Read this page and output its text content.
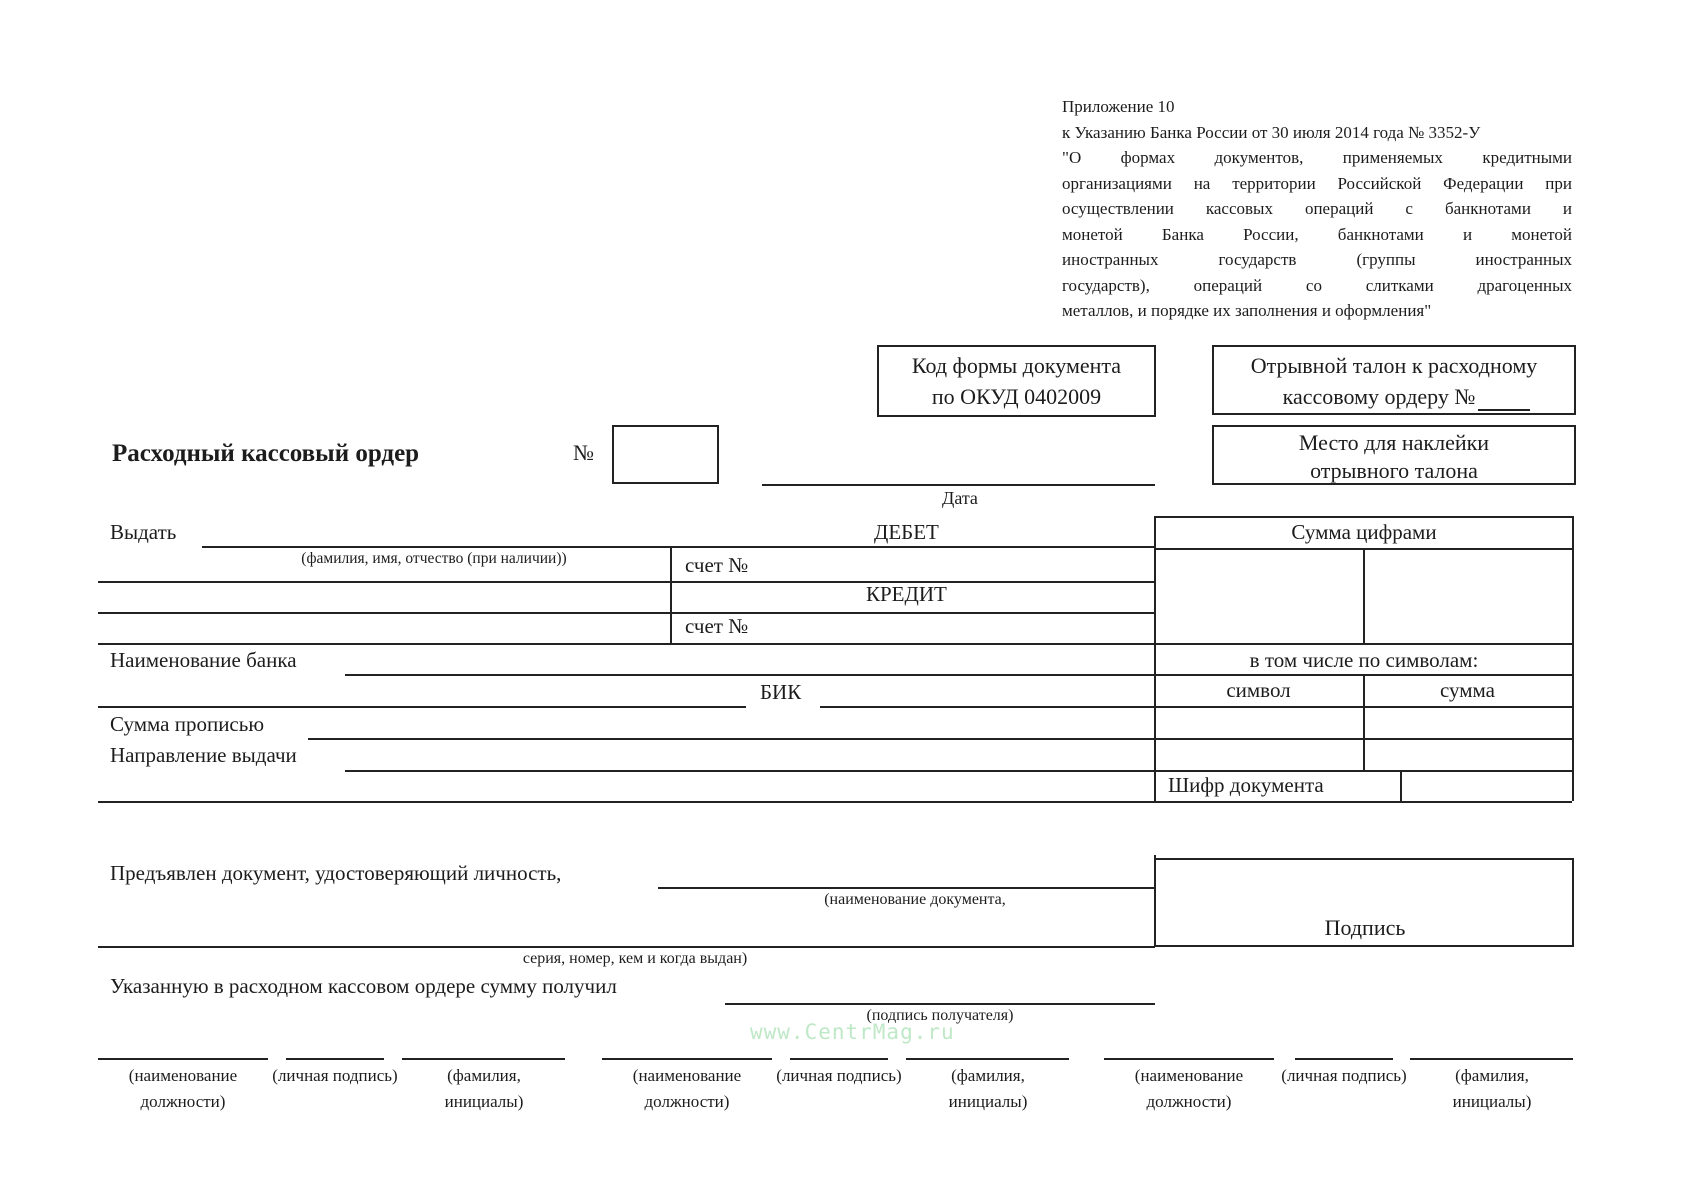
Приложение 10
к Указанию Банка России от 30 июля 2014 года № 3352-У
"О формах документов, применяемых кредитными
организациями на территории Российской Федерации при
осуществлении кассовых операций с банкнотами и
монетой Банка России, банкнотами и монетой
иностранных государств (группы иностранных
государств), операций со слитками драгоценных
металлов, и порядке их заполнения и оформления"
Код формы документа
по ОКУД 0402009
Отрывной талон к расходному
кассовому ордеру №
Место для наклейки
отрывного талона
Расходный кассовый ордер	№
Дата
Выдать	ДЕБЕТ
(фамилия, имя, отчество (при наличии))	счет №
КРЕДИТ
счет №
Наименование банка
БИК
Сумма прописью
Направление выдачи
Сумма цифрами
в том числе по символам:
символ	сумма
Шифр документа
Предъявлен документ, удостоверяющий личность,
(наименование документа,
серия, номер, кем и когда выдан)
Подпись
Указанную в расходном кассовом ордере сумму получил
(подпись получателя)
www.CentrMag.ru
(наименование должности)
(личная подпись)	(фамилия, инициалы)
(наименование должности)
(личная подпись)	(фамилия, инициалы)
(наименование должности)
(личная подпись)	(фамилия, инициалы)
